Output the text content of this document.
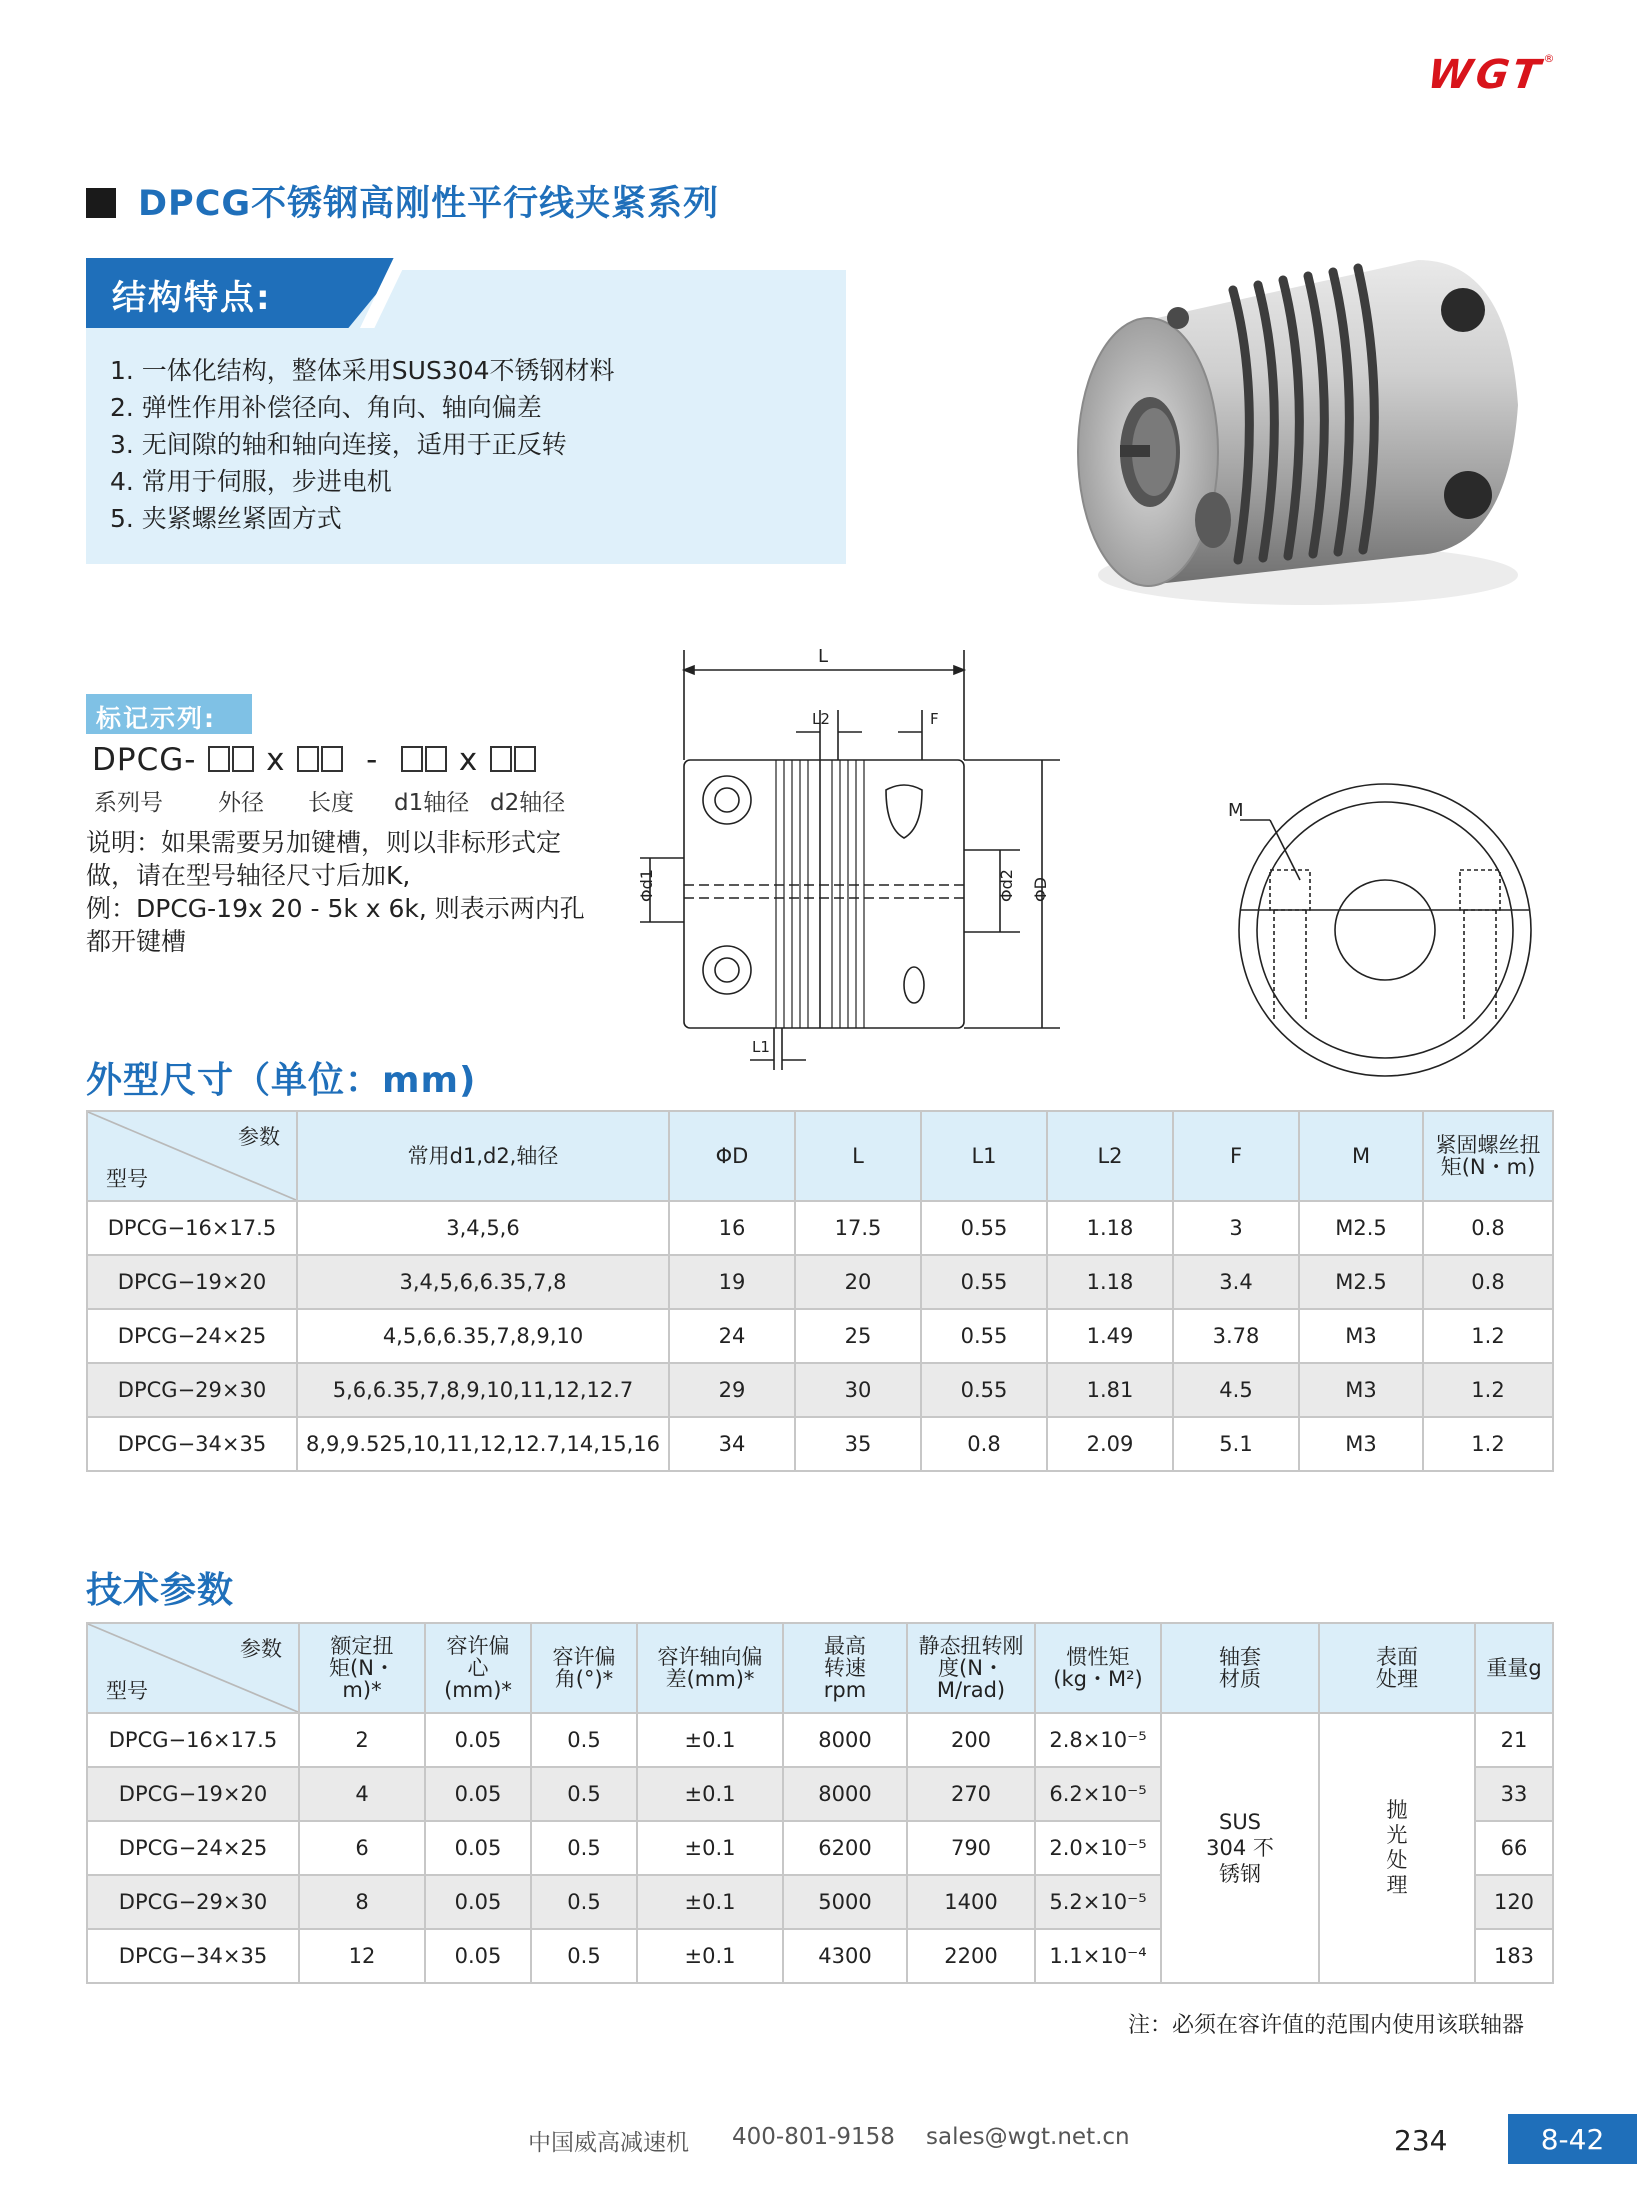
WGT®
DPCG不锈钢高刚性平行线夹紧系列
结构特点:
1. 一体化结构，整体采用SUS304不锈钢材料
2. 弹性作用补偿径向、角向、轴向偏差
3. 无间隙的轴和轴向连接，适用于正反转
4. 常用于伺服，步进电机
5. 夹紧螺丝紧固方式
标记示列:
DPCG- x	-	x
系列号 外径 长度 d1轴径 d2轴径
说明：如果需要另加键槽，则以非标形式定做，请在型号轴径尺寸后加K,
例：DPCG-19x 20 - 5k x 6k, 则表示两内孔都开键槽
L
L2	F
Φd1	Φd2 ΦD
L1
M
外型尺寸（单位：mm)
参数
型号	常用d1,d2,轴径	ΦD	L	L1	L2	F	M	紧固螺丝扭矩(N・m)
DPCG−16×17.5	3,4,5,6	16	17.5	0.55	1.18	3	M2.5	0.8
DPCG−19×20	3,4,5,6,6.35,7,8	19	20	0.55	1.18	3.4	M2.5	0.8
DPCG−24×25	4,5,6,6.35,7,8,9,10	24	25	0.55	1.49	3.78	M3	1.2
DPCG−29×30	5,6,6.35,7,8,9,10,11,12,12.7	29	30	0.55	1.81	4.5	M3	1.2
DPCG−34×35	8,9,9.525,10,11,12,12.7,14,15,16	34	35	0.8	2.09	5.1	M3	1.2
技术参数
参数
型号	额定扭矩(N・m)*	容许偏心(mm)*	容许偏角(°)*	容许轴向偏差(mm)*	最高转速rpm	静态扭转刚度(N・M/rad)	惯性矩(kg・M²)	轴套材质	表面处理	重量g
DPCG−16×17.5	2	0.05	0.5	±0.1	8000	200	2.8×10⁻⁵	SUS 304 不锈钢	抛光处理	21
DPCG−19×20	4	0.05	0.5	±0.1	8000	270	6.2×10⁻⁵			33
DPCG−24×25	6	0.05	0.5	±0.1	6200	790	2.0×10⁻⁵			66
DPCG−29×30	8	0.05	0.5	±0.1	5000	1400	5.2×10⁻⁵			120
DPCG−34×35	12	0.05	0.5	±0.1	4300	2200	1.1×10⁻⁴			183
注：必须在容许值的范围内使用该联轴器
中国威高减速机 400-801-9158 sales@wgt.net.cn	234	8-42
